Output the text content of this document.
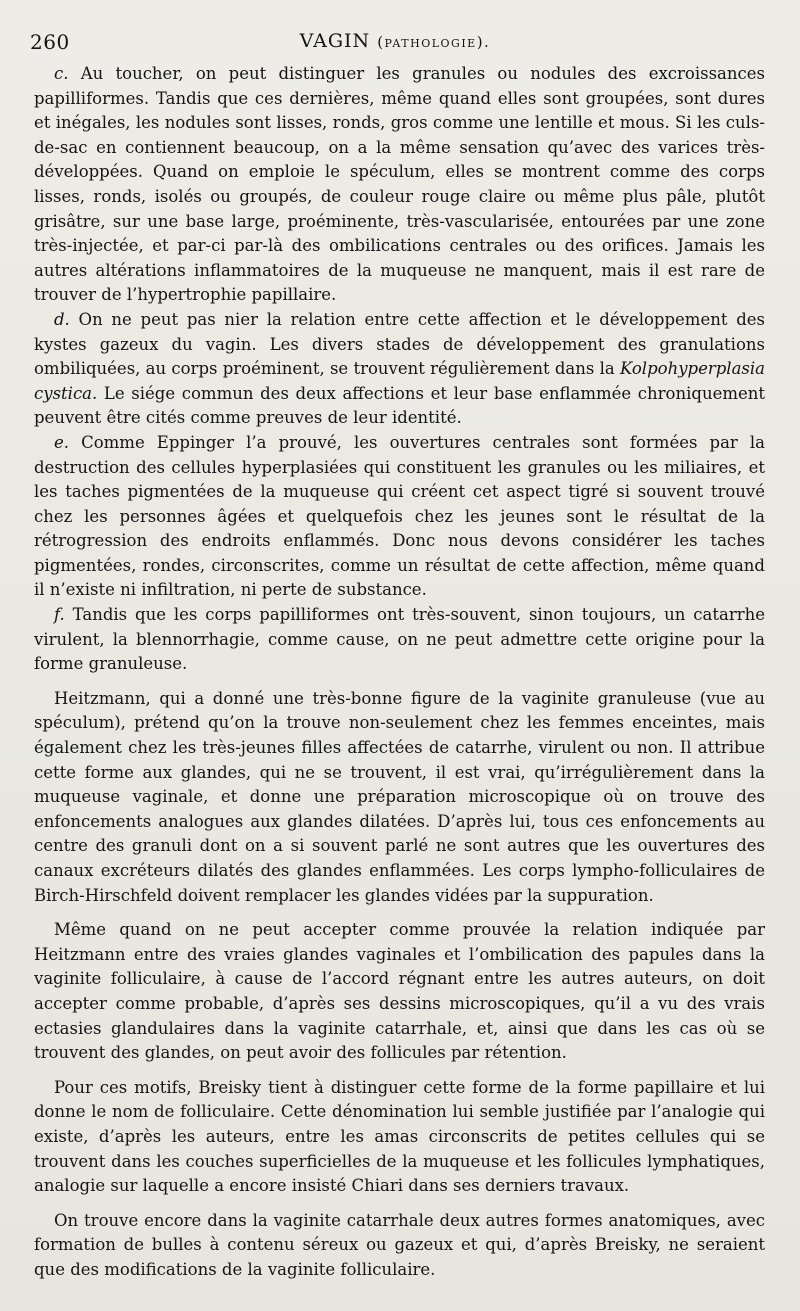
260	VAGIN (pathologie).

c. Au toucher, on peut distinguer les granules ou nodules des excroissances papilliformes. Tandis que ces dernières, même quand elles sont groupées, sont dures et inégales, les nodules sont lisses, ronds, gros comme une lentille et mous. Si les culs-de-sac en contiennent beaucoup, on a la même sensation qu’avec des varices très-développées. Quand on emploie le spéculum, elles se montrent comme des corps lisses, ronds, isolés ou groupés, de couleur rouge claire ou même plus pâle, plutôt grisâtre, sur une base large, proéminente, très-vascularisée, entourées par une zone très-injectée, et par-ci par-là des ombilications centrales ou des orifices. Jamais les autres altérations inflammatoires de la muqueuse ne manquent, mais il est rare de trouver de l’hypertrophie papillaire.

d. On ne peut pas nier la relation entre cette affection et le développement des kystes gazeux du vagin. Les divers stades de développement des granulations ombiliquées, au corps proéminent, se trouvent régulièrement dans la Kolpohyperplasia cystica. Le siége commun des deux affections et leur base enflammée chroniquement peuvent être cités comme preuves de leur identité.

e. Comme Eppinger l’a prouvé, les ouvertures centrales sont formées par la destruction des cellules hyperplasiées qui constituent les granules ou les miliaires, et les taches pigmentées de la muqueuse qui créent cet aspect tigré si souvent trouvé chez les personnes âgées et quelquefois chez les jeunes sont le résultat de la rétrogression des endroits enflammés. Donc nous devons considérer les taches pigmentées, rondes, circonscrites, comme un résultat de cette affection, même quand il n’existe ni infiltration, ni perte de substance.

f. Tandis que les corps papilliformes ont très-souvent, sinon toujours, un catarrhe virulent, la blennorrhagie, comme cause, on ne peut admettre cette origine pour la forme granuleuse.

Heitzmann, qui a donné une très-bonne figure de la vaginite granuleuse (vue au spéculum), prétend qu’on la trouve non-seulement chez les femmes enceintes, mais également chez les très-jeunes filles affectées de catarrhe, virulent ou non. Il attribue cette forme aux glandes, qui ne se trouvent, il est vrai, qu’irrégulièrement dans la muqueuse vaginale, et donne une préparation microscopique où on trouve des enfoncements analogues aux glandes dilatées. D’après lui, tous ces enfoncements au centre des granuli dont on a si souvent parlé ne sont autres que les ouvertures des canaux excréteurs dilatés des glandes enflammées. Les corps lympho-folliculaires de Birch-Hirschfeld doivent remplacer les glandes vidées par la suppuration.

Même quand on ne peut accepter comme prouvée la relation indiquée par Heitzmann entre des vraies glandes vaginales et l’ombilication des papules dans la vaginite folliculaire, à cause de l’accord régnant entre les autres auteurs, on doit accepter comme probable, d’après ses dessins microscopiques, qu’il a vu des vrais ectasies glandulaires dans la vaginite catarrhale, et, ainsi que dans les cas où se trouvent des glandes, on peut avoir des follicules par rétention.

Pour ces motifs, Breisky tient à distinguer cette forme de la forme papillaire et lui donne le nom de folliculaire. Cette dénomination lui semble justifiée par l’analogie qui existe, d’après les auteurs, entre les amas circonscrits de petites cellules qui se trouvent dans les couches superficielles de la muqueuse et les follicules lymphatiques, analogie sur laquelle a encore insisté Chiari dans ses derniers travaux.

On trouve encore dans la vaginite catarrhale deux autres formes anatomiques, avec formation de bulles à contenu séreux ou gazeux et qui, d’après Breisky, ne seraient que des modifications de la vaginite folliculaire.
